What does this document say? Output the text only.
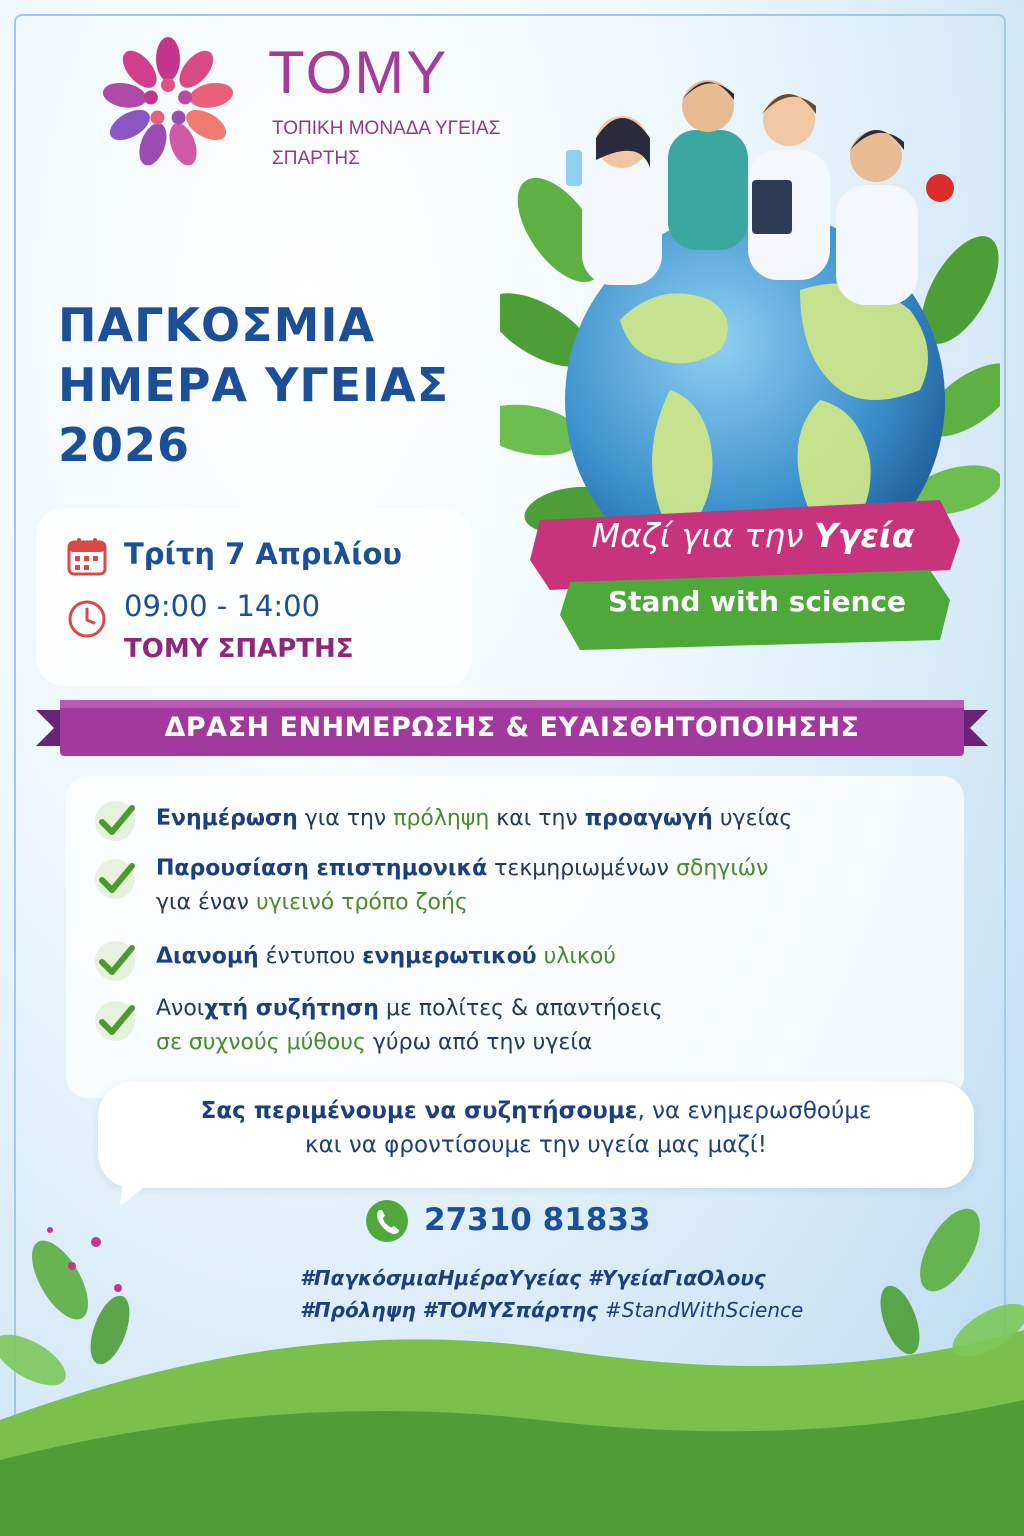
ΤΟΜΥ
ΤΟΠΙΚΗ ΜΟΝΑΔΑ ΥΓΕΙΑΣ
ΣΠΑΡΤΗΣ
ΠΑΓΚΟΣΜΙΑ
ΗΜΕΡΑ ΥΓΕΙΑΣ
2026
Μαζί για την Υγεία
Stand with science
Τρίτη 7 Απριλίου
09:00 - 14:00
ΤΟΜΥ ΣΠΑΡΤΗΣ
ΔΡΑΣΗ ΕΝΗΜΕΡΩΣΗΣ & ΕΥΑΙΣΘΗΤΟΠΟΙΗΣΗΣ
Ενημέρωση για την πρόληψη και την προαγωγή υγείας
Παρουσίαση επιστημονικά τεκμηριωμένων σδηγιών
για έναν υγιεινό τρόπο ζοής
Διανομή έντυπου ενημερωτικού υλικού
Ανοιχτή συζήτηση με πολίτες & απαντήοεις
σε συχνούς μύθους γύρω από την υγεία
Σας περιμένουμε να συζητήσουμε, να ενημερωσθούμε
και να φροντίσουμε την υγεία μας μαζί!
27310 81833
#ΠαγκόσμιαΗμέραΥγείας #ΥγείαΓιαΟλους
#Πρόληψη #ΤΟΜΥΣπάρτης #StandWithScience
